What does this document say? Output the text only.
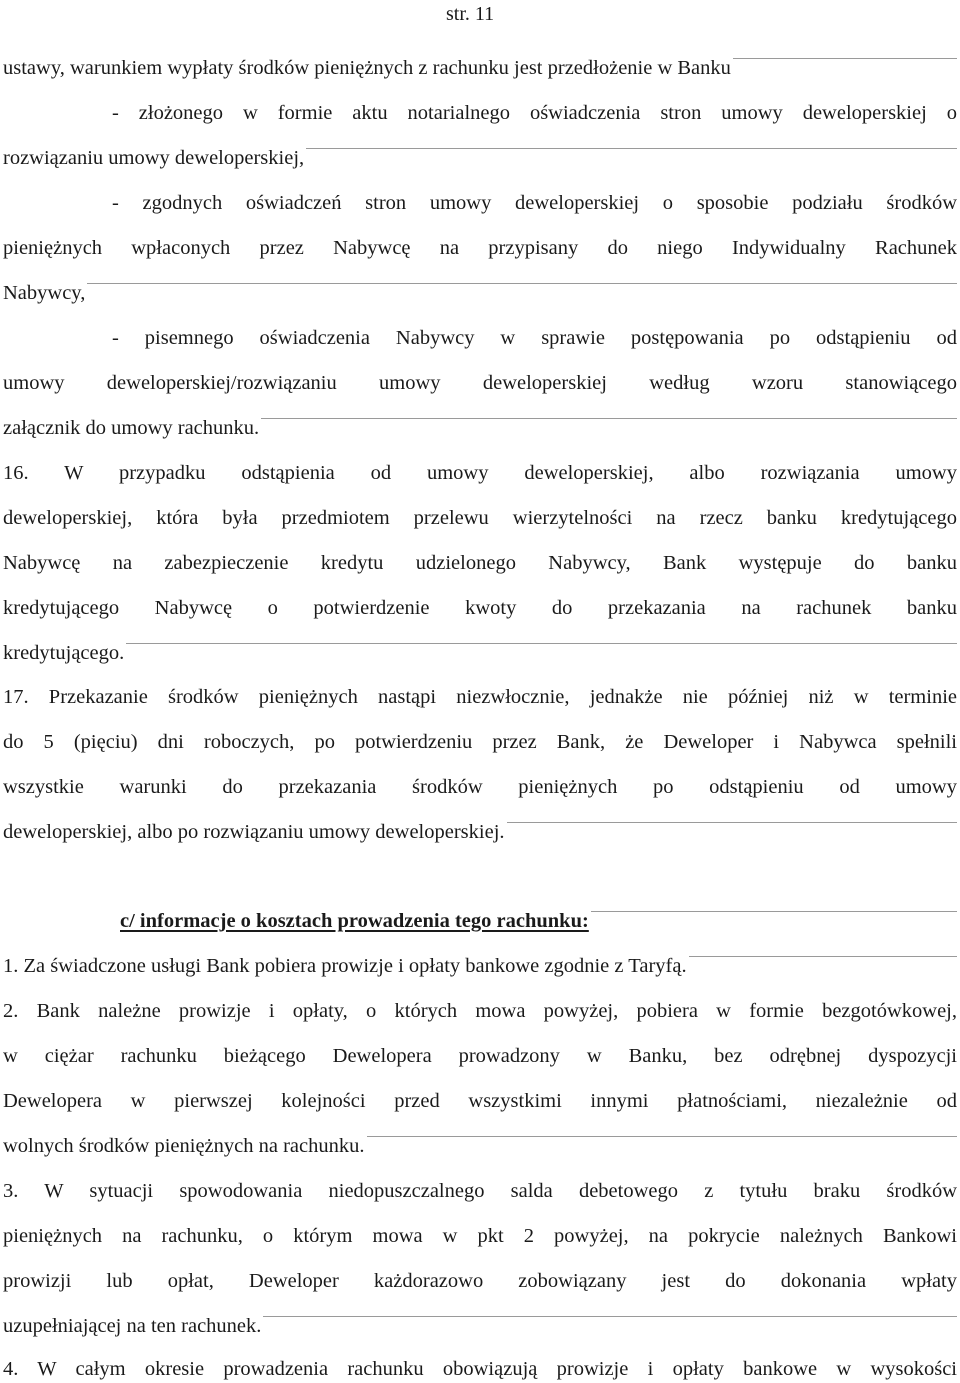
str. 11
ustawy, warunkiem wypłaty środków pieniężnych z rachunku jest przedłożenie w Banku
- złożonego w formie aktu notarialnego oświadczenia stron umowy deweloperskiej o
rozwiązaniu umowy deweloperskiej,
- zgodnych oświadczeń stron umowy deweloperskiej o sposobie podziału środków
pieniężnych wpłaconych przez Nabywcę na przypisany do niego Indywidualny Rachunek
Nabywcy,
- pisemnego oświadczenia Nabywcy w sprawie postępowania po odstąpieniu od
umowy deweloperskiej/rozwiązaniu umowy deweloperskiej według wzoru stanowiącego
załącznik do umowy rachunku.
16. W przypadku odstąpienia od umowy deweloperskiej, albo rozwiązania umowy
deweloperskiej, która była przedmiotem przelewu wierzytelności na rzecz banku kredytującego
Nabywcę na zabezpieczenie kredytu udzielonego Nabywcy, Bank występuje do banku
kredytującego Nabywcę o potwierdzenie kwoty do przekazania na rachunek banku
kredytującego.
17. Przekazanie środków pieniężnych nastąpi niezwłocznie, jednakże nie później niż w terminie
do 5 (pięciu) dni roboczych, po potwierdzeniu przez Bank, że Deweloper i Nabywca spełnili
wszystkie warunki do przekazania środków pieniężnych po odstąpieniu od umowy
deweloperskiej, albo po rozwiązaniu umowy deweloperskiej.
c/ informacje o kosztach prowadzenia tego rachunku:
1. Za świadczone usługi Bank pobiera prowizje i opłaty bankowe zgodnie z Taryfą.
2. Bank należne prowizje i opłaty, o których mowa powyżej, pobiera w formie bezgotówkowej,
w ciężar rachunku bieżącego Dewelopera prowadzony w Banku, bez odrębnej dyspozycji
Dewelopera w pierwszej kolejności przed wszystkimi innymi płatnościami, niezależnie od
wolnych środków pieniężnych na rachunku.
3. W sytuacji spowodowania niedopuszczalnego salda debetowego z tytułu braku środków
pieniężnych na rachunku, o którym mowa w pkt 2 powyżej, na pokrycie należnych Bankowi
prowizji lub opłat, Deweloper każdorazowo zobowiązany jest do dokonania wpłaty
uzupełniającej na ten rachunek.
4. W całym okresie prowadzenia rachunku obowiązują prowizje i opłaty bankowe w wysokości
